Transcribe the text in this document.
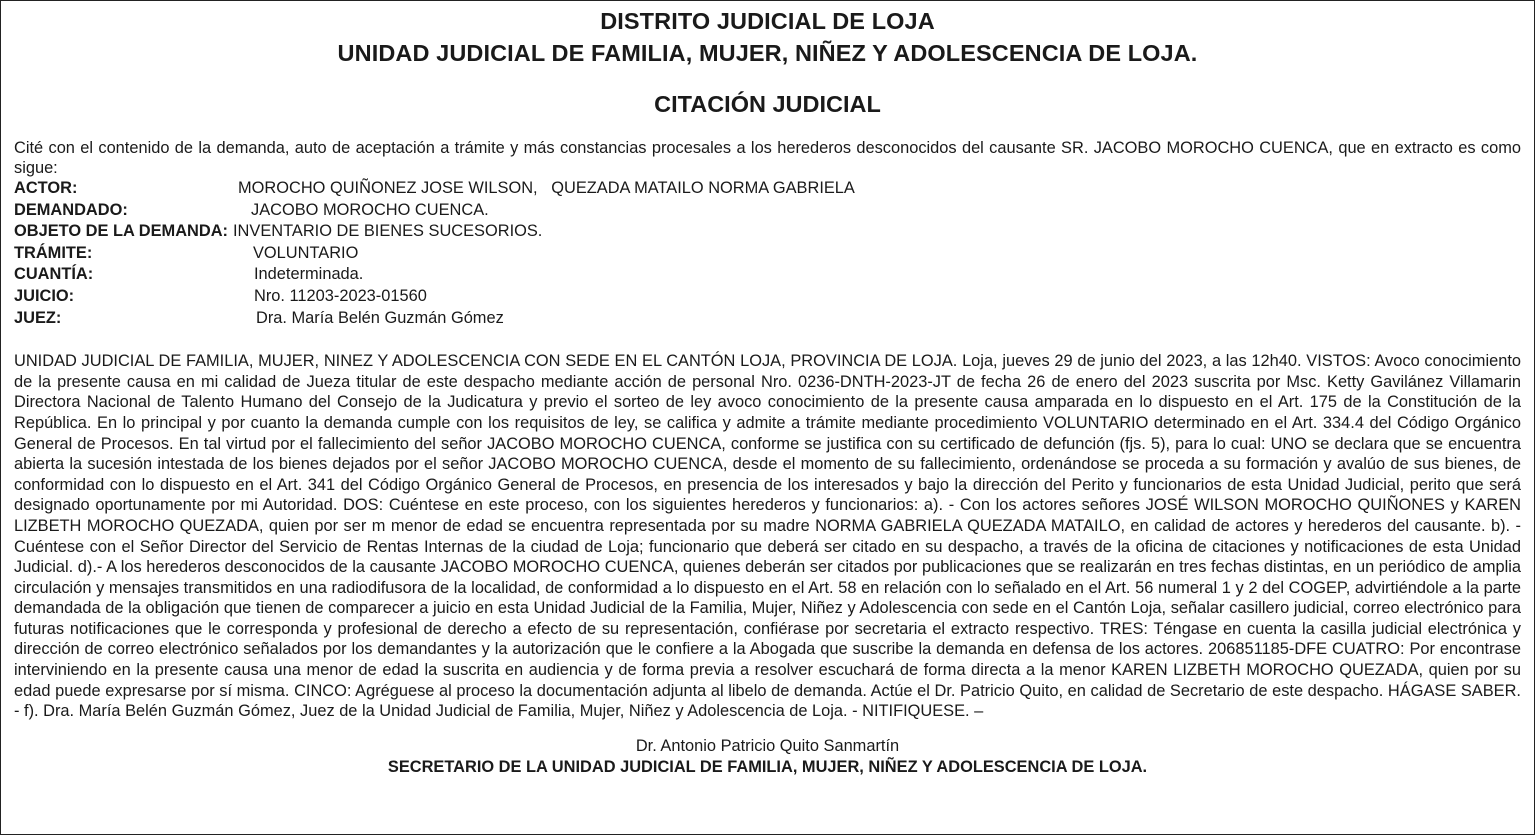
DISTRITO JUDICIAL DE LOJA
UNIDAD JUDICIAL DE FAMILIA, MUJER, NIÑEZ Y ADOLESCENCIA DE LOJA.
CITACIÓN JUDICIAL
Cité con el contenido de la demanda, auto de aceptación a trámite y más constancias procesales a los herederos desconocidos del causante SR. JACOBO MOROCHO CUENCA, que en extracto es como sigue:
ACTOR:	MOROCHO QUIÑONEZ JOSE WILSON,   QUEZADA MATAILO NORMA GABRIELA
DEMANDADO:	JACOBO MOROCHO CUENCA.
OBJETO DE LA DEMANDA: INVENTARIO DE BIENES SUCESORIOS.
TRÁMITE:	VOLUNTARIO
CUANTÍA:	Indeterminada.
JUICIO:	Nro. 11203-2023-01560
JUEZ:	Dra. María Belén Guzmán Gómez
UNIDAD JUDICIAL DE FAMILIA, MUJER, NINEZ Y ADOLESCENCIA CON SEDE EN EL CANTÓN LOJA, PROVINCIA DE LOJA. Loja, jueves 29 de junio del 2023, a las 12h40. VISTOS: Avoco conocimiento de la presente causa en mi calidad de Jueza titular de este despacho mediante acción de personal Nro. 0236-DNTH-2023-JT de fecha 26 de enero del 2023 suscrita por Msc. Ketty Gavilánez Villamarin Directora Nacional de Talento Humano del Consejo de la Judicatura y previo el sorteo de ley avoco conocimiento de la presente causa amparada en lo dispuesto en el Art. 175 de la Constitución de la República. En lo principal y por cuanto la demanda cumple con los requisitos de ley, se califica y admite a trámite mediante procedimiento VOLUNTARIO determinado en el Art. 334.4 del Código Orgánico General de Procesos. En tal virtud por el fallecimiento del señor JACOBO MOROCHO CUENCA, conforme se justifica con su certificado de defunción (fjs. 5), para lo cual: UNO se declara que se encuentra abierta la sucesión intestada de los bienes dejados por el señor JACOBO MOROCHO CUENCA, desde el momento de su fallecimiento, ordenándose se proceda a su formación y avalúo de sus bienes, de conformidad con lo dispuesto en el Art. 341 del Código Orgánico General de Procesos, en presencia de los interesados y bajo la dirección del Perito y funcionarios de esta Unidad Judicial, perito que será designado oportunamente por mi Autoridad. DOS: Cuéntese en este proceso, con los siguientes herederos y funcionarios: a). - Con los actores señores JOSÉ WILSON MOROCHO QUIÑONES y KAREN LIZBETH MOROCHO QUEZADA, quien por ser m menor de edad se encuentra representada por su madre NORMA GABRIELA QUEZADA MATAILO, en calidad de actores y herederos del causante. b). - Cuéntese con el Señor Director del Servicio de Rentas Internas de la ciudad de Loja; funcionario que deberá ser citado en su despacho, a través de la oficina de citaciones y notificaciones de esta Unidad Judicial. d).- A los herederos desconocidos de la causante JACOBO MOROCHO CUENCA, quienes deberán ser citados por publicaciones que se realizarán en tres fechas distintas, en un periódico de amplia circulación y mensajes transmitidos en una radiodifusora de la localidad, de conformidad a lo dispuesto en el Art. 58 en relación con lo señalado en el Art. 56 numeral 1 y 2 del COGEP, advirtiéndole a la parte demandada de la obligación que tienen de comparecer a juicio en esta Unidad Judicial de la Familia, Mujer, Niñez y Adolescencia con sede en el Cantón Loja, señalar casillero judicial, correo electrónico para futuras notificaciones que le corresponda y profesional de derecho a efecto de su representación, confiérase por secretaria el extracto respectivo. TRES: Téngase en cuenta la casilla judicial electrónica y dirección de correo electrónico señalados por los demandantes y la autorización que le confiere a la Abogada que suscribe la demanda en defensa de los actores. 206851185-DFE CUATRO: Por encontrase interviniendo en la presente causa una menor de edad la suscrita en audiencia y de forma previa a resolver escuchará de forma directa a la menor KAREN LIZBETH MOROCHO QUEZADA, quien por su edad puede expresarse por sí misma. CINCO: Agréguese al proceso la documentación adjunta al libelo de demanda. Actúe el Dr. Patricio Quito, en calidad de Secretario de este despacho. HÁGASE SABER. - f). Dra. María Belén Guzmán Gómez, Juez de la Unidad Judicial de Familia, Mujer, Niñez y Adolescencia de Loja. - NITIFIQUESE. –
Dr. Antonio Patricio Quito Sanmartín
SECRETARIO DE LA UNIDAD JUDICIAL DE FAMILIA, MUJER, NIÑEZ Y ADOLESCENCIA DE LOJA.
